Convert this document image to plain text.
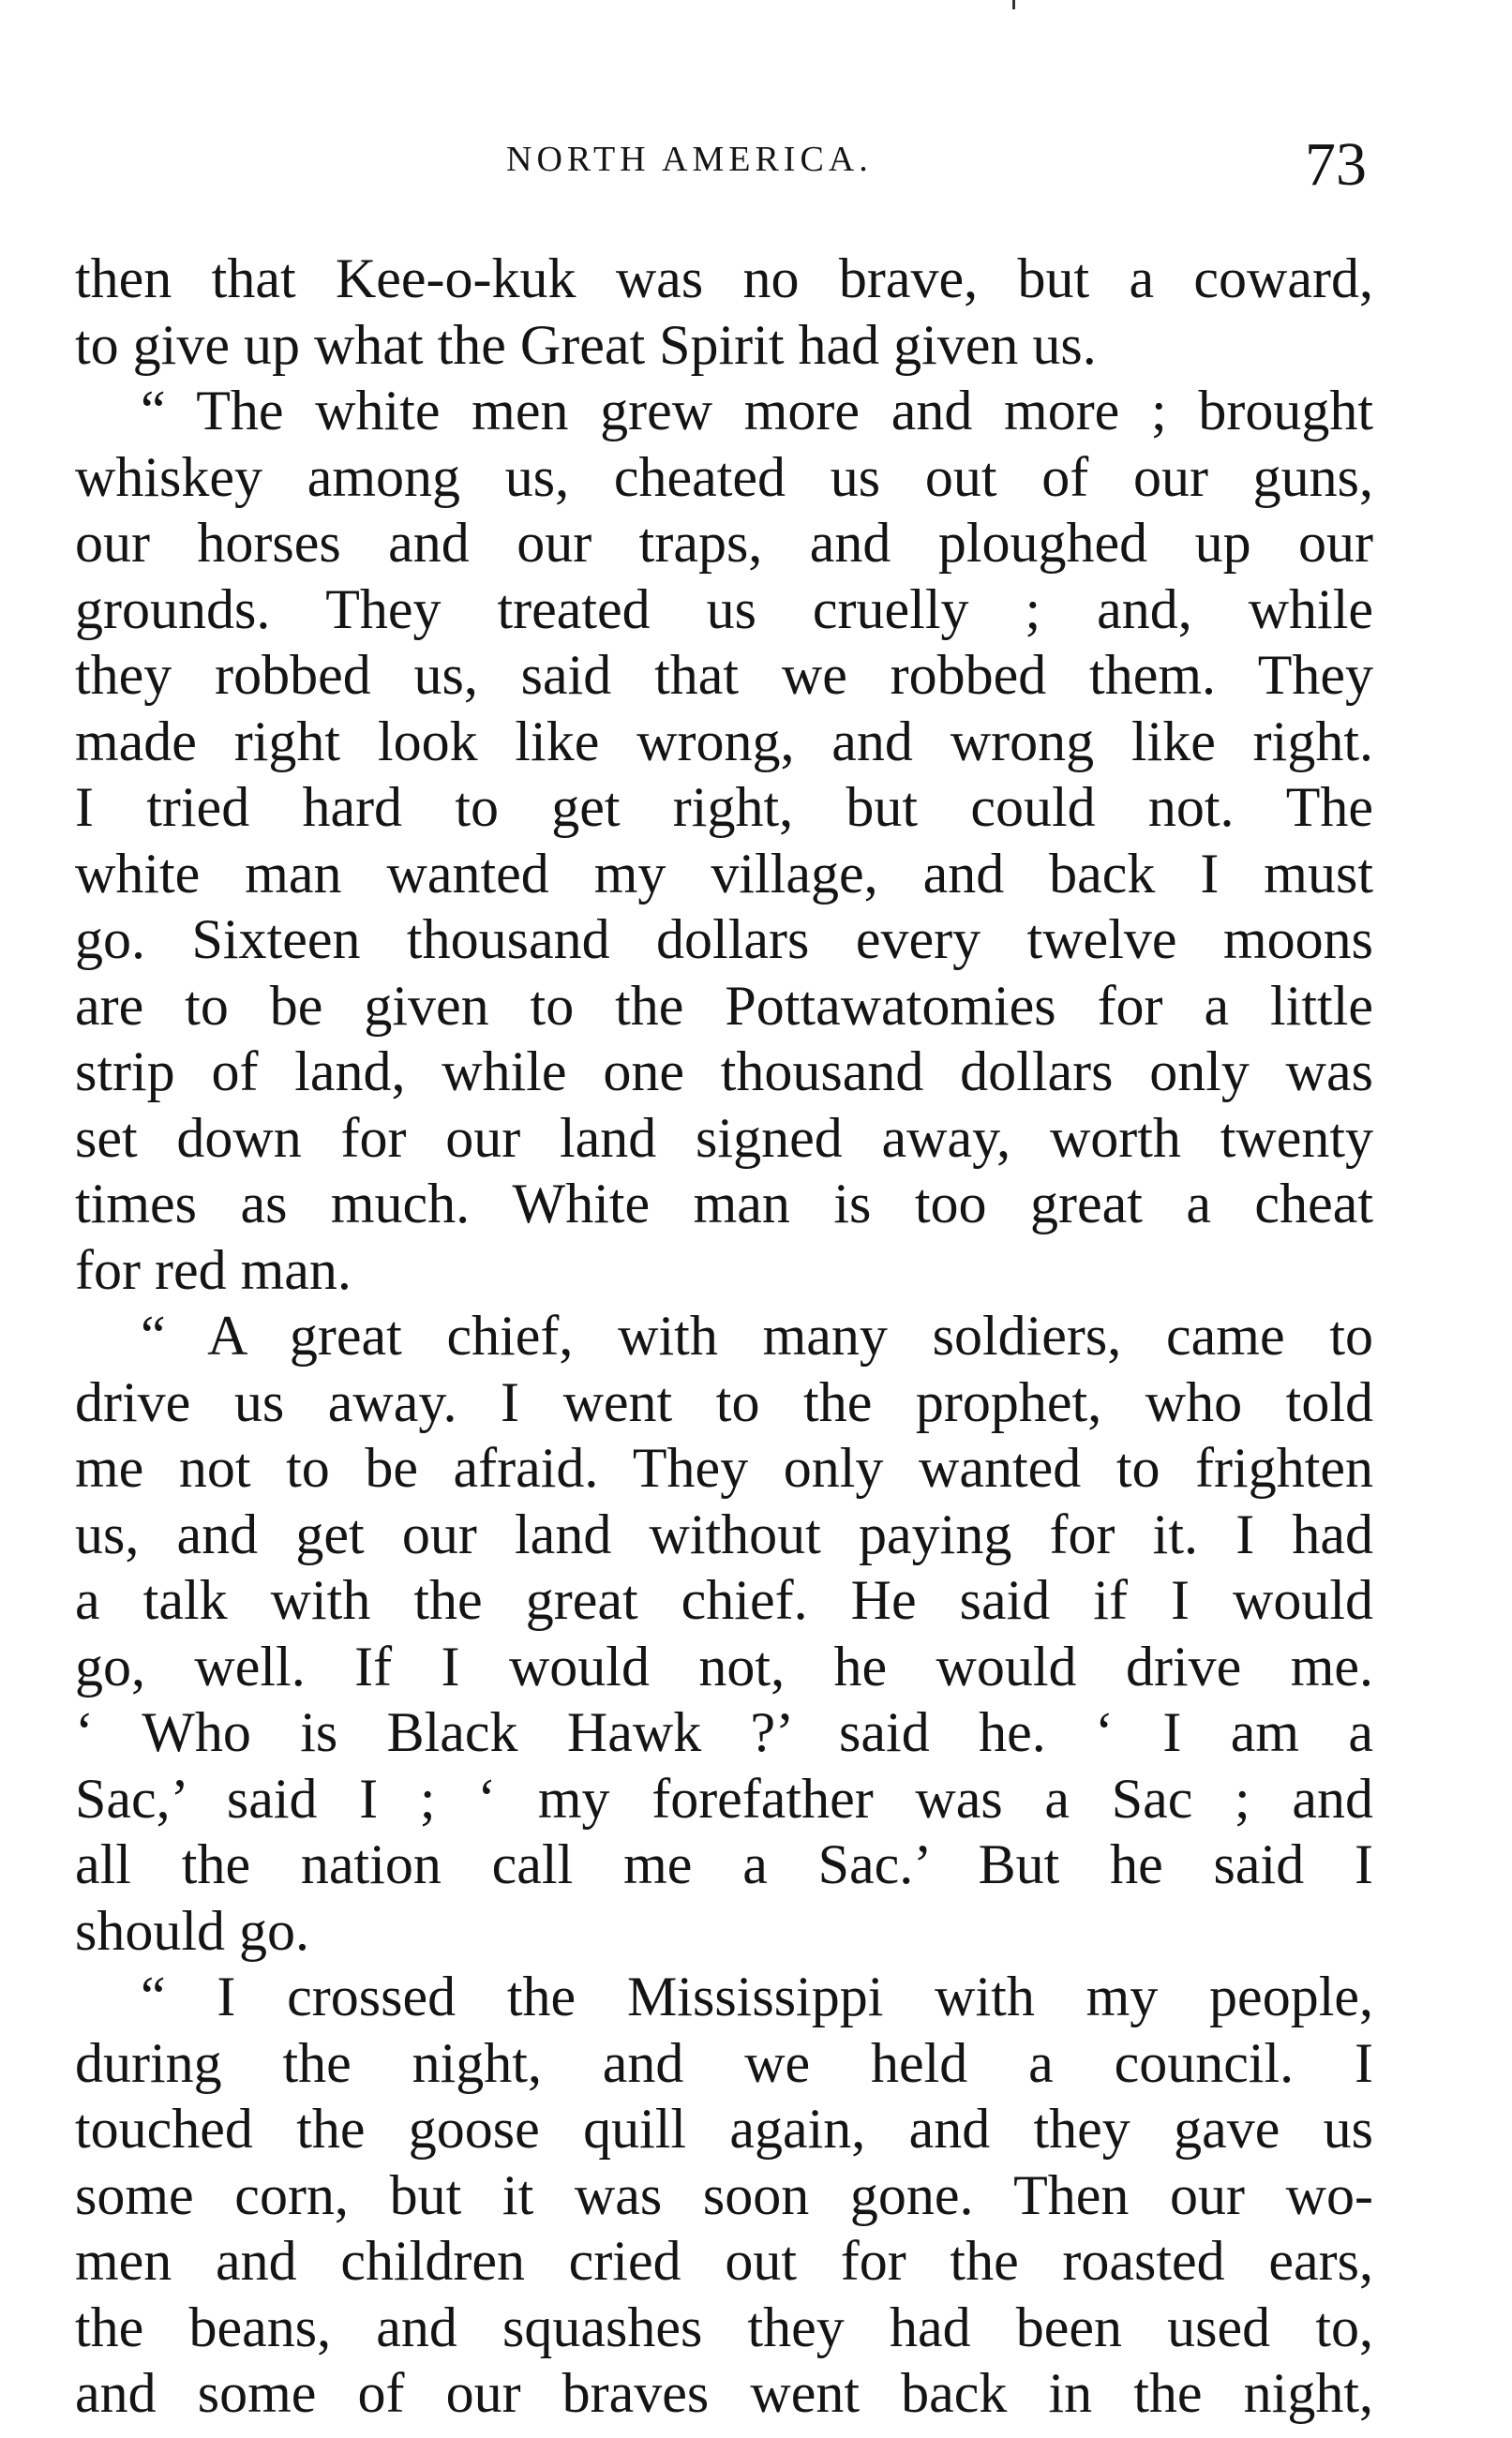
NORTH AMERICA.	73
then that Kee-o-kuk was no brave, but a coward,
to give up what the Great Spirit had given us.
“ The white men grew more and more ; brought
whiskey among us, cheated us out of our guns,
our horses and our traps, and ploughed up our
grounds. They treated us cruelly ; and, while
they robbed us, said that we robbed them. They
made right look like wrong, and wrong like right.
I tried hard to get right, but could not. The
white man wanted my village, and back I must
go. Sixteen thousand dollars every twelve moons
are to be given to the Pottawatomies for a little
strip of land, while one thousand dollars only was
set down for our land signed away, worth twenty
times as much. White man is too great a cheat
for red man.
“ A great chief, with many soldiers, came to
drive us away. I went to the prophet, who told
me not to be afraid. They only wanted to frighten
us, and get our land without paying for it. I had
a talk with the great chief. He said if I would
go, well. If I would not, he would drive me.
‘ Who is Black Hawk ?’ said he. ‘ I am a
Sac,’ said I ; ‘ my forefather was a Sac ; and
all the nation call me a Sac.’ But he said I
should go.
“ I crossed the Mississippi with my people,
during the night, and we held a council. I
touched the goose quill again, and they gave us
some corn, but it was soon gone. Then our wo-
men and children cried out for the roasted ears,
the beans, and squashes they had been used to,
and some of our braves went back in the night,
